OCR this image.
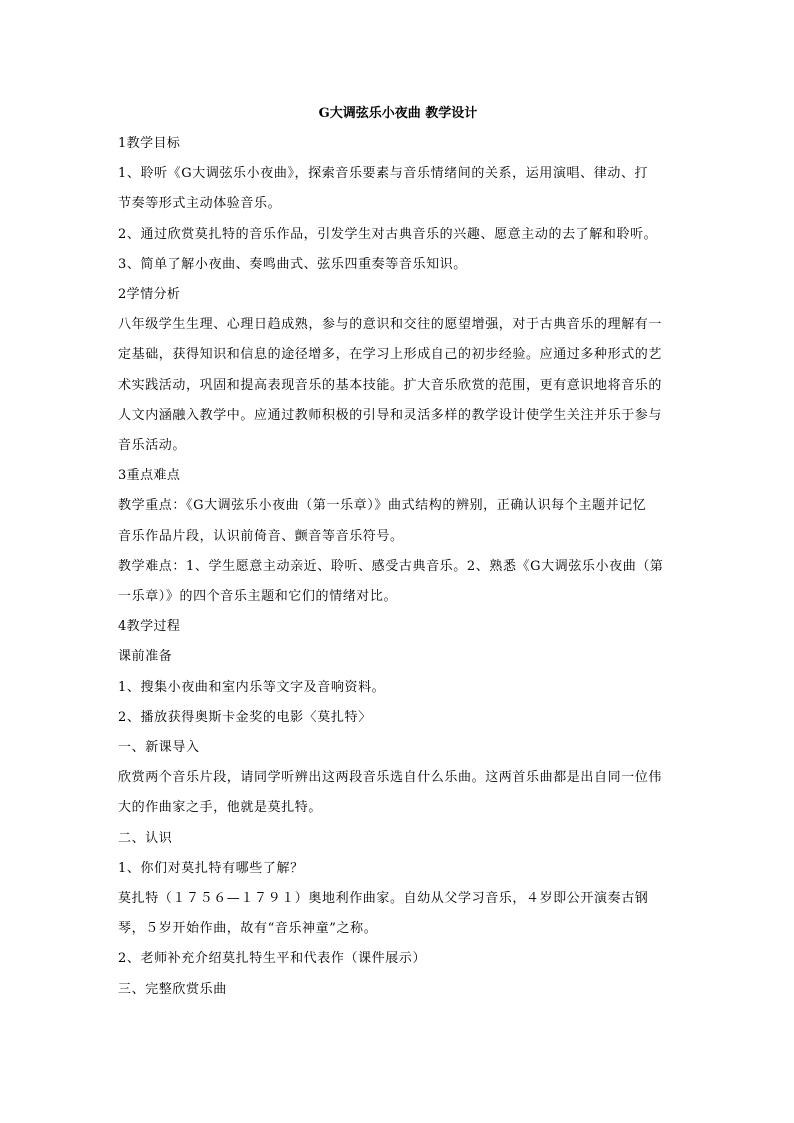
G大调弦乐小夜曲 教学设计
1教学目标
1、聆听《G大调弦乐小夜曲》，探索音乐要素与音乐情绪间的关系，运用演唱、律动、打
节奏等形式主动体验音乐。
2、通过欣赏莫扎特的音乐作品，引发学生对古典音乐的兴趣、愿意主动的去了解和聆听。
3、简单了解小夜曲、奏鸣曲式、弦乐四重奏等音乐知识。
2学情分析
八年级学生生理、心理日趋成熟，参与的意识和交往的愿望增强，对于古典音乐的理解有一
定基础，获得知识和信息的途径增多，在学习上形成自己的初步经验。应通过多种形式的艺
术实践活动，巩固和提高表现音乐的基本技能。扩大音乐欣赏的范围，更有意识地将音乐的
人文内涵融入教学中。应通过教师积极的引导和灵活多样的教学设计使学生关注并乐于参与
音乐活动。
3重点难点
教学重点：《G大调弦乐小夜曲（第一乐章）》曲式结构的辨别，正确认识每个主题并记忆
音乐作品片段，认识前倚音、颤音等音乐符号。
教学难点：1、学生愿意主动亲近、聆听、感受古典音乐。2、熟悉《G大调弦乐小夜曲（第
一乐章）》的四个音乐主题和它们的情绪对比。
4教学过程
课前准备
1、搜集小夜曲和室内乐等文字及音响资料。
2、播放获得奥斯卡金奖的电影〈莫扎特〉
一、新课导入
欣赏两个音乐片段，请同学听辨出这两段音乐选自什么乐曲。这两首乐曲都是出自同一位伟
大的作曲家之手，他就是莫扎特。
二、认识
1、你们对莫扎特有哪些了解？
莫扎特（１７５６—１７９１）奥地利作曲家。自幼从父学习音乐，４岁即公开演奏古钢
琴，５岁开始作曲，故有“音乐神童”之称。
2、老师补充介绍莫扎特生平和代表作（课件展示）
三、完整欣赏乐曲
